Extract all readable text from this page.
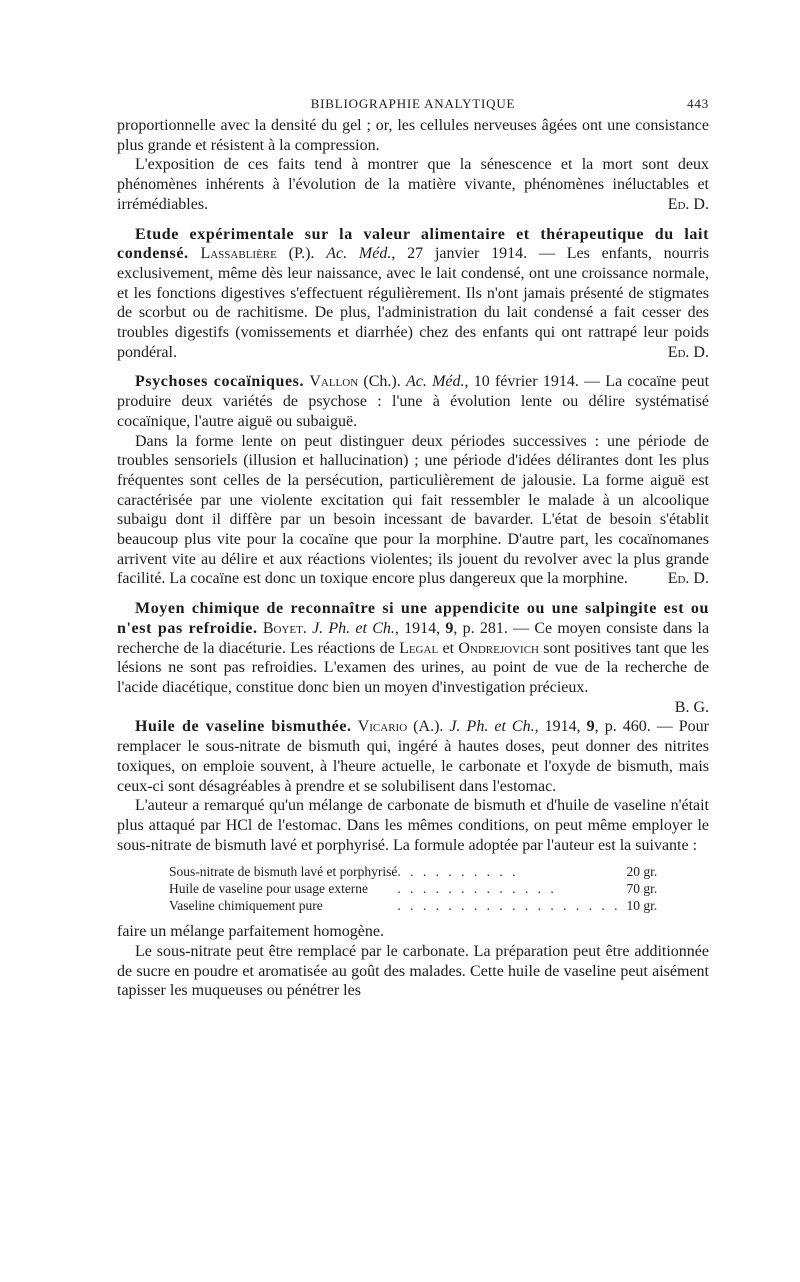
BIBLIOGRAPHIE ANALYTIQUE	443

proportionnelle avec la densité du gel ; or, les cellules nerveuses âgées ont une consistance plus grande et résistent à la compression.

L'exposition de ces faits tend à montrer que la sénescence et la mort sont deux phénomènes inhérents à l'évolution de la matière vivante, phénomènes inéluctables et irrémédiables.	Ed. D.

Etude expérimentale sur la valeur alimentaire et thérapeutique du lait condensé. Lassablière (P.). Ac. Méd., 27 janvier 1914. — Les enfants, nourris exclusivement, même dès leur naissance, avec le lait condensé, ont une croissance normale, et les fonctions digestives s'effectuent régulièrement. Ils n'ont jamais présenté de stigmates de scorbut ou de rachitisme. De plus, l'administration du lait condensé a fait cesser des troubles digestifs (vomissements et diarrhée) chez des enfants qui ont rattrapé leur poids pondéral.	Ed. D.

Psychoses cocaïniques. Vallon (Ch.). Ac. Méd., 10 février 1914. — La cocaïne peut produire deux variétés de psychose : l'une à évolution lente ou délire systématisé cocaïnique, l'autre aiguë ou subaiguë.

Dans la forme lente on peut distinguer deux périodes successives : une période de troubles sensoriels (illusion et hallucination) ; une période d'idées délirantes dont les plus fréquentes sont celles de la persécution, particulièrement de jalousie. La forme aiguë est caractérisée par une violente excitation qui fait ressembler le malade à un alcoolique subaigu dont il diffère par un besoin incessant de bavarder. L'état de besoin s'établit beaucoup plus vite pour la cocaïne que pour la morphine. D'autre part, les cocaïnomanes arrivent vite au délire et aux réactions violentes; ils jouent du revolver avec la plus grande facilité. La cocaïne est donc un toxique encore plus dangereux que la morphine.	Ed. D.

Moyen chimique de reconnaître si une appendicite ou une salpingite est ou n'est pas refroidie. Boyet. J. Ph. et Ch., 1914, 9, p. 281. — Ce moyen consiste dans la recherche de la diacéturie. Les réactions de Legal et Ondrejovich sont positives tant que les lésions ne sont pas refroidies. L'examen des urines, au point de vue de la recherche de l'acide diacétique, constitue donc bien un moyen d'investigation précieux.

B. G.

Huile de vaseline bismuthée. Vicario (A.). J. Ph. et Ch., 1914, 9, p. 460. — Pour remplacer le sous-nitrate de bismuth qui, ingéré à hautes doses, peut donner des nitrites toxiques, on emploie souvent, à l'heure actuelle, le carbonate et l'oxyde de bismuth, mais ceux-ci sont désagréables à prendre et se solubilisent dans l'estomac.

L'auteur a remarqué qu'un mélange de carbonate de bismuth et d'huile de vaseline n'était plus attaqué par HCl de l'estomac. Dans les mêmes conditions, on peut même employer le sous-nitrate de bismuth lavé et porphyrisé. La formule adoptée par l'auteur est la suivante :

Sous-nitrate de bismuth lavé et porphyrisé	. . . . . . . . . .	20 gr.
Huile de vaseline pour usage externe	. . . . . . . . . . . . .	70 gr.
Vaseline chimiquement pure	. . . . . . . . . . . . . . . . . .	10 gr.

faire un mélange parfaitement homogène.

Le sous-nitrate peut être remplacé par le carbonate. La préparation peut être additionnée de sucre en poudre et aromatisée au goût des malades. Cette huile de vaseline peut aisément tapisser les muqueuses ou pénétrer les
